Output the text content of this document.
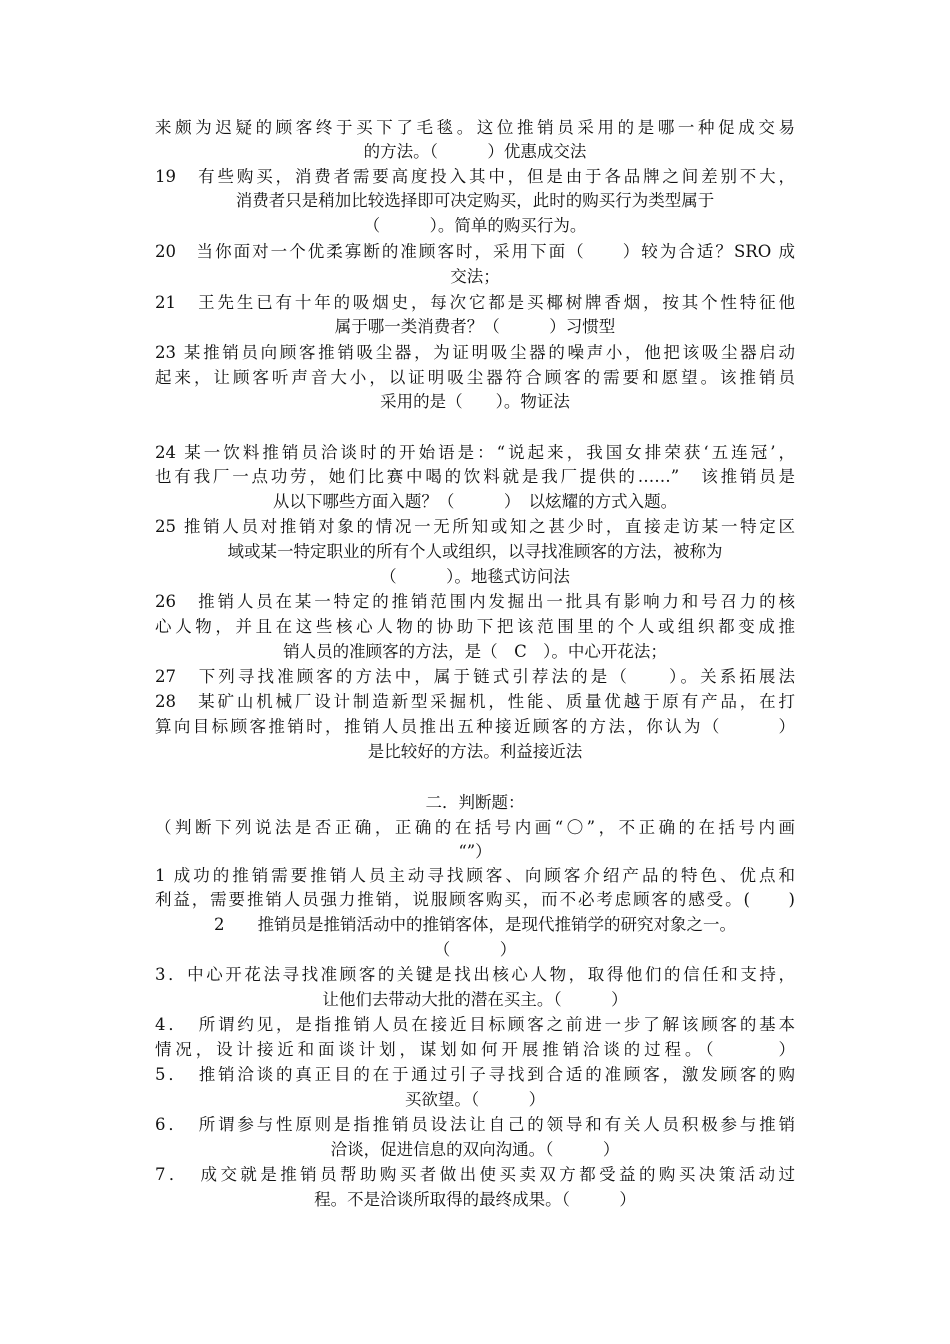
来颇为迟疑的顾客终于买下了毛毯。这位推销员采用的是哪一种促成交易
的方法。（　　　）优惠成交法
19　有些购买，消费者需要高度投入其中，但是由于各品牌之间差别不大，
消费者只是稍加比较选择即可决定购买，此时的购买行为类型属于
（　　　）。简单的购买行为。
20　当你面对一个优柔寡断的准顾客时，采用下面（　　）较为合适？SRO 成
交法；
21　王先生已有十年的吸烟史，每次它都是买椰树牌香烟，按其个性特征他
属于哪一类消费者？（　　　）习惯型
23 某推销员向顾客推销吸尘器，为证明吸尘器的噪声小，他把该吸尘器启动
起来，让顾客听声音大小，以证明吸尘器符合顾客的需要和愿望。该推销员
采用的是（　　）。物证法
24 某一饮料推销员洽谈时的开始语是：“说起来，我国女排荣获‘五连冠’，
也有我厂一点功劳，她们比赛中喝的饮料就是我厂提供的……”　该推销员是
从以下哪些方面入题？（　　　）　以炫耀的方式入题。
25 推销人员对推销对象的情况一无所知或知之甚少时，直接走访某一特定区
域或某一特定职业的所有个人或组织，以寻找准顾客的方法，被称为
（　　　）。地毯式访问法
26　推销人员在某一特定的推销范围内发掘出一批具有影响力和号召力的核
心人物，并且在这些核心人物的协助下把该范围里的个人或组织都变成推
销人员的准顾客的方法，是（　C　）。中心开花法；
27　下列寻找准顾客的方法中，属于链式引荐法的是（　　）。关系拓展法
28　某矿山机械厂设计制造新型采掘机，性能、质量优越于原有产品，在打
算向目标顾客推销时，推销人员推出五种接近顾客的方法，你认为（　　　）
是比较好的方法。利益接近法
二．判断题：
（判断下列说法是否正确，正确的在括号内画“〇”，不正确的在括号内画
“”）
1 成功的推销需要推销人员主动寻找顾客、向顾客介绍产品的特色、优点和
利益，需要推销人员强力推销，说服顾客购买，而不必考虑顾客的感受。(　　)
2　　推销员是推销活动中的推销客体，是现代推销学的研究对象之一。
（　　　）
3．中心开花法寻找准顾客的关键是找出核心人物，取得他们的信任和支持，
让他们去带动大批的潜在买主。（　　　）
4．　所谓约见，是指推销人员在接近目标顾客之前进一步了解该顾客的基本
情况，设计接近和面谈计划，谋划如何开展推销洽谈的过程。（　　　）
5．　推销洽谈的真正目的在于通过引子寻找到合适的准顾客，激发顾客的购
买欲望。（　　　）
6．　所谓参与性原则是指推销员设法让自己的领导和有关人员积极参与推销
洽谈，促进信息的双向沟通。（　　　）
7．　成交就是推销员帮助购买者做出使买卖双方都受益的购买决策活动过
程。不是洽谈所取得的最终成果。（　　　）
